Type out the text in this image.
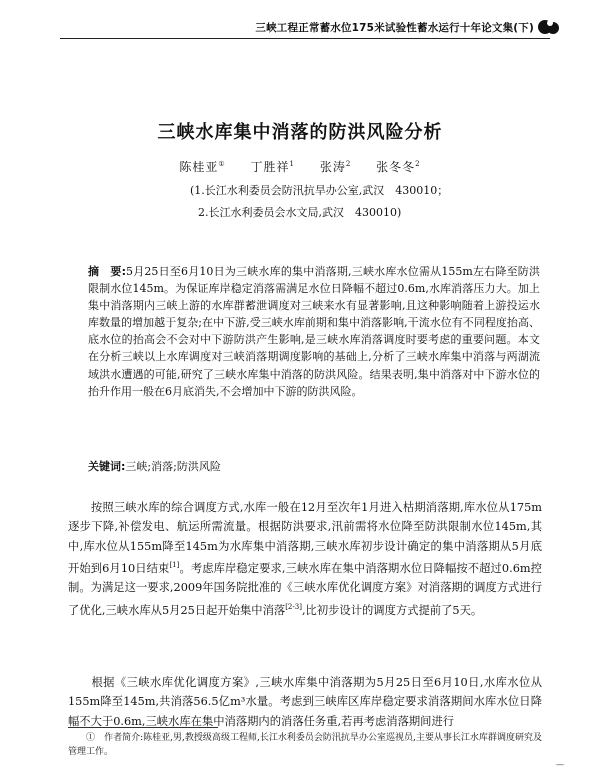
三峡工程正常蓄水位175米试验性蓄水运行十年论文集(下)
三峡水库集中消落的防洪风险分析
陈桂亚① 丁胜祥$^1$ 张涛$^2$ 张冬冬$^2$
(1.长江水利委员会防汛抗旱办公室,武汉　430010；
2.长江水利委员会水文局,武汉　430010)

摘　要:5月25日至6月10日为三峡水库的集中消落期,三峡水库水位需从155m左右降至防洪限制水位145m。为保证库岸稳定消落需满足水位日降幅不超过0.6m,水库消落压力大。加上集中消落期内三峡上游的水库群蓄泄调度对三峡来水有显著影响,且这种影响随着上游投运水库数量的增加越于复杂;在中下游,受三峡水库前期和集中消落影响,干流水位有不同程度抬高、底水位的抬高会不会对中下游防洪产生影响,是三峡水库消落调度时要考虑的重要问题。本文在分析三峡以上水库调度对三峡消落期调度影响的基础上,分析了三峡水库集中消落与两湖流域洪水遭遇的可能,研究了三峡水库集中消落的防洪风险。结果表明,集中消落对中下游水位的抬升作用一般在6月底消失,不会增加中下游的防洪风险。

关键词:三峡;消落;防洪风险

　　按照三峡水库的综合调度方式,水库一般在12月至次年1月进入枯期消落期,库水位从175m逐步下降,补偿发电、航运所需流量。根据防洪要求,汛前需将水位降至防洪限制水位145m,其中,库水位从155m降至145m为水库集中消落期,三峡水库初步设计确定的集中消落期从5月底开始到6月10日结束[1]。考虑库岸稳定要求,三峡水库在集中消落期水位日降幅按不超过0.6m控制。为满足这一要求,2009年国务院批准的《三峡水库优化调度方案》对消落期的调度方式进行了优化,三峡水库从5月25日起开始集中消落[2-3],比初步设计的调度方式提前了5天。

　　根据《三峡水库优化调度方案》,三峡水库集中消落期为5月25日至6月10日,水库水位从155m降至145m,共消落56.5亿m³水量。考虑到三峡库区库岸稳定要求消落期间水库水位日降幅不大于0.6m,三峡水库在集中消落期内的消落任务重,若再考虑消落期间进行

　　①　 作者简介:陈桂亚,男,教授级高级工程师,长江水利委员会防汛抗旱办公室巡视员,主要从事长江水库群调度研究及管理工作。

—
